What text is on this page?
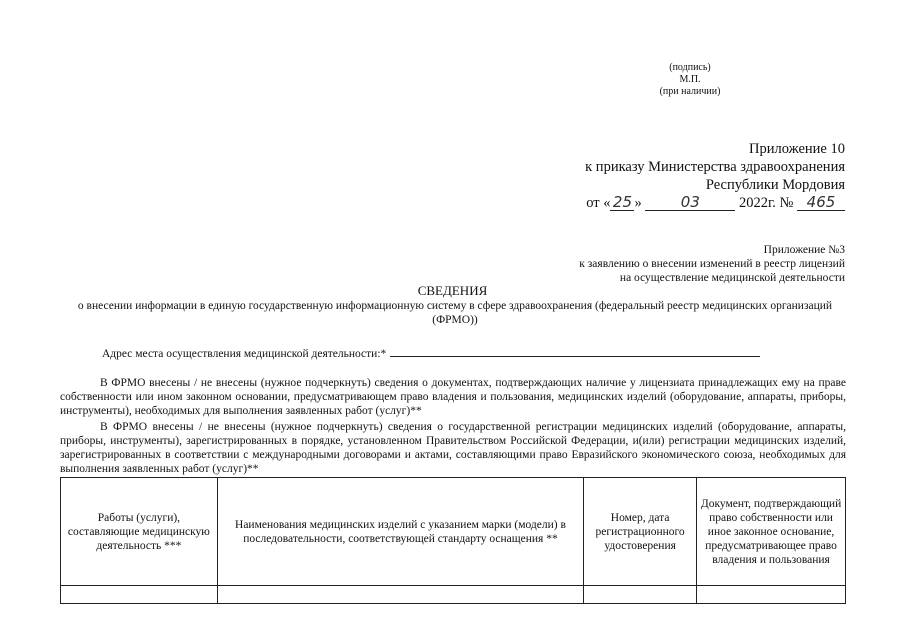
(подпись)
М.П.
(при наличии)
Приложение 10
к приказу Министерства здравоохранения
Республики Мордовия
от « 25 »	03	2022г. № 465
Приложение №3
к заявлению о внесении изменений в реестр лицензий
на осуществление медицинской деятельности
СВЕДЕНИЯ
о внесении информации в единую государственную информационную систему в сфере здравоохранения (федеральный реестр медицинских организаций (ФРМО))
Адрес места осуществления медицинской деятельности:*
В ФРМО внесены / не внесены (нужное подчеркнуть) сведения о документах, подтверждающих наличие у лицензиата принадлежащих ему на праве собственности или ином законном основании, предусматривающем право владения и пользования, медицинских изделий (оборудование, аппараты, приборы, инструменты), необходимых для выполнения заявленных работ (услуг)**
В ФРМО внесены / не внесены (нужное подчеркнуть) сведения о государственной регистрации медицинских изделий (оборудование, аппараты, приборы, инструменты), зарегистрированных в порядке, установленном Правительством Российской Федерации, и(или) регистрации медицинских изделий, зарегистрированных в соответствии с международными договорами и актами, составляющими право Евразийского экономического союза, необходимых для выполнения заявленных работ (услуг)**
Работы (услуги), составляющие медицинскую деятельность ***	Наименования медицинских изделий с указанием марки (модели) в последовательности, соответствующей стандарту оснащения **	Номер, дата регистрационного удостоверения	Документ, подтверждающий право собственности или иное законное основание, предусматривающее право владения и пользования
